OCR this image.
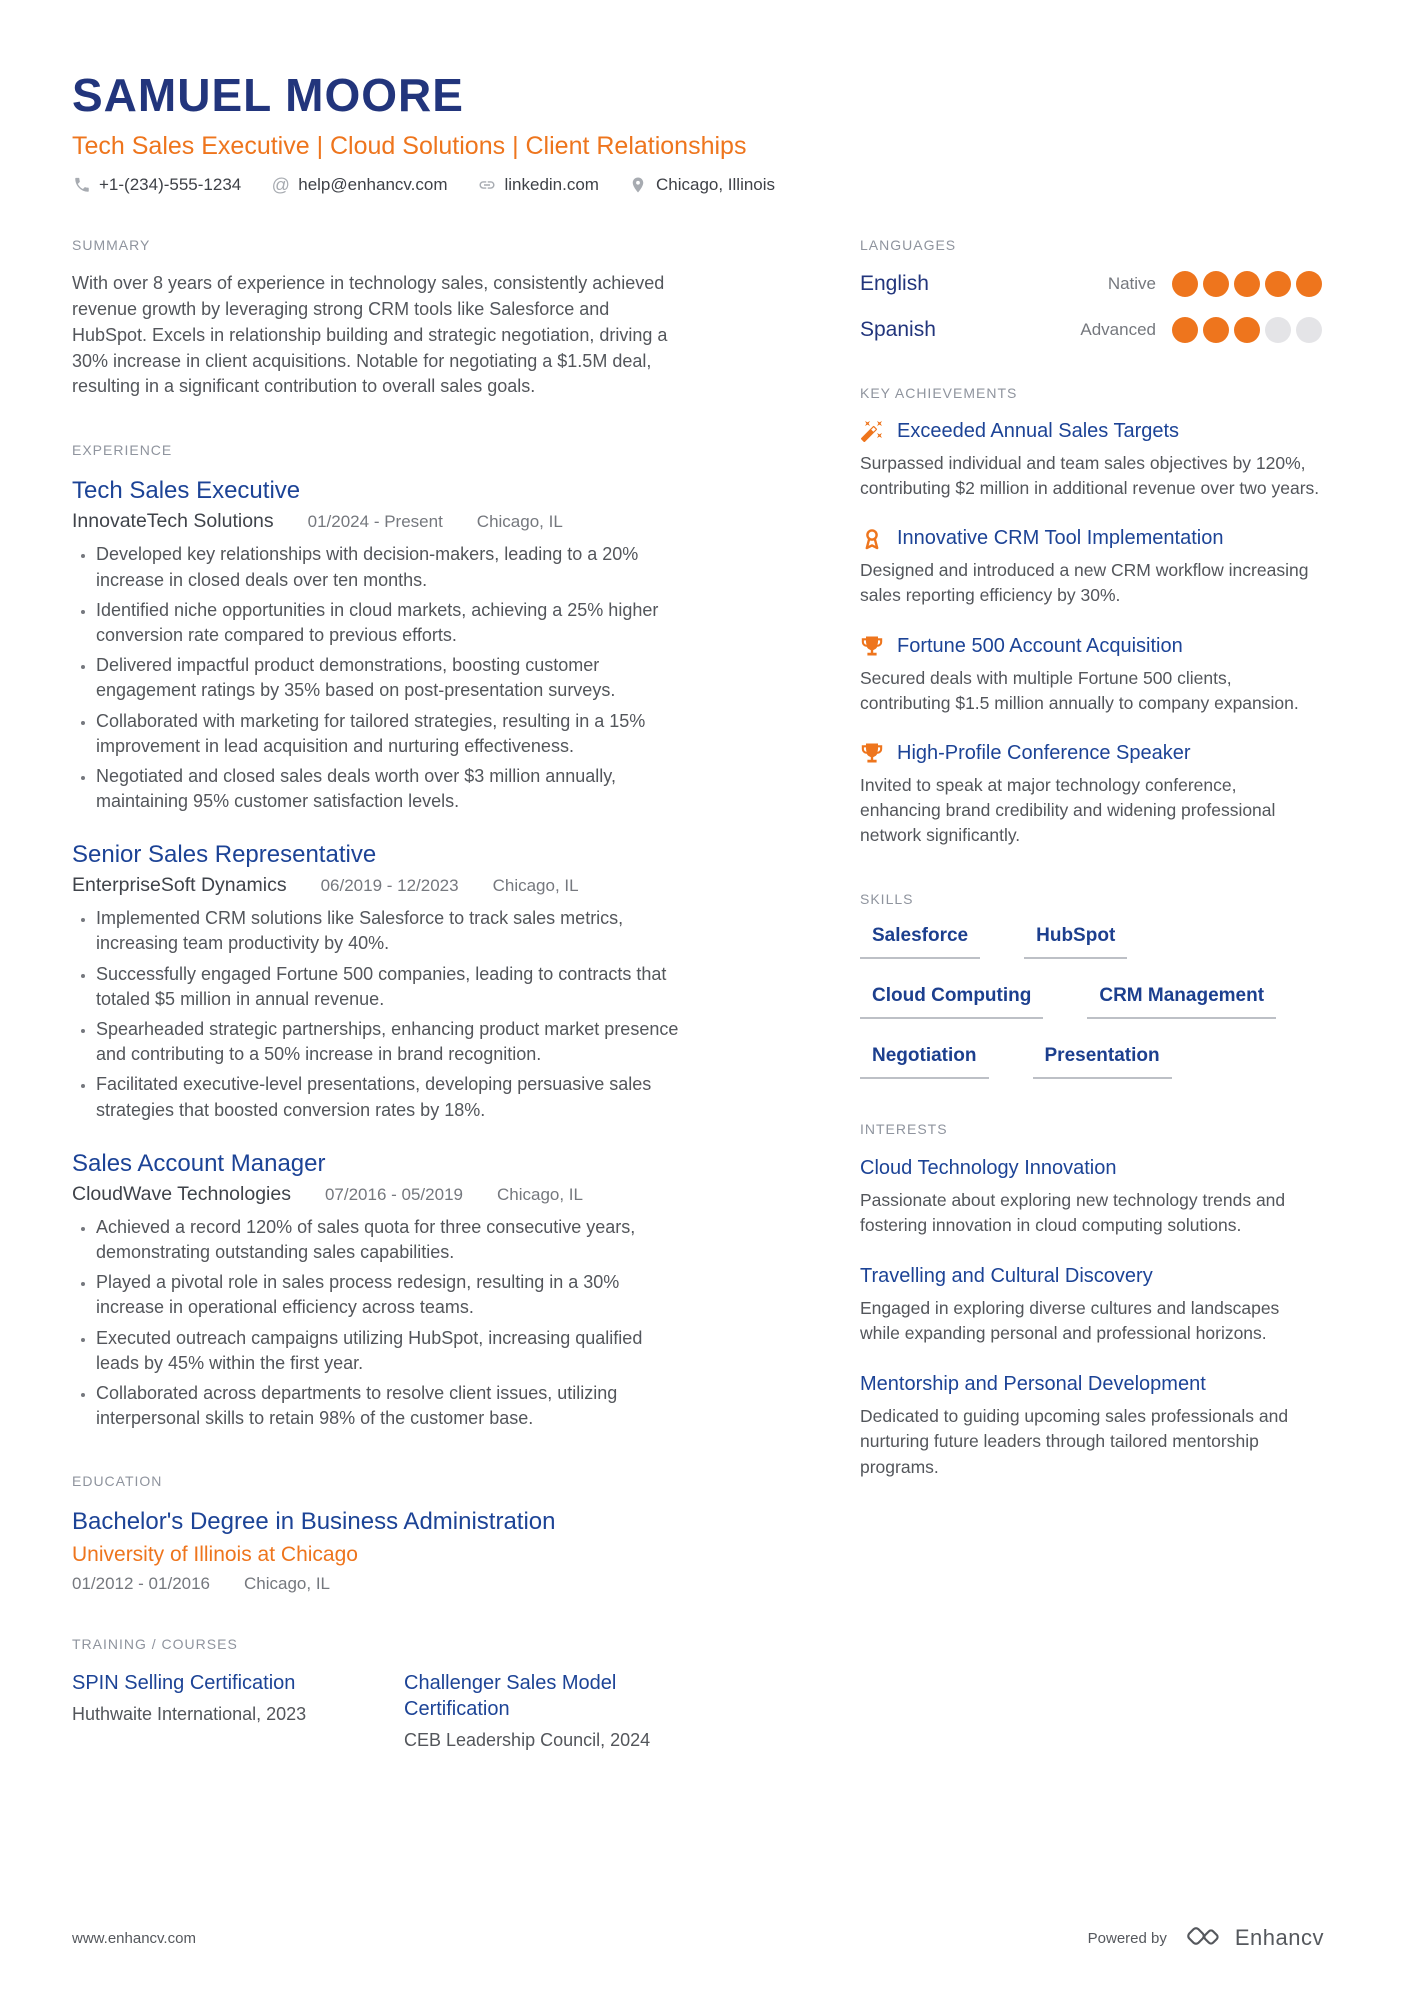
SAMUEL MOORE
Tech Sales Executive | Cloud Solutions | Client Relationships
+1-(234)-555-1234 @ help@enhancv.com	linkedin.com	Chicago, Illinois
SUMMARY

With over 8 years of experience in technology sales, consistently achieved revenue growth by leveraging strong CRM tools like Salesforce and HubSpot. Excels in relationship building and strategic negotiation, driving a 30% increase in client acquisitions. Notable for negotiating a $1.5M deal, resulting in a significant contribution to overall sales goals.

EXPERIENCE
Tech Sales Executive
InnovateTech Solutions 01/2024 - Present Chicago, IL
• Developed key relationships with decision-makers, leading to a 20% increase in closed deals over ten months.
• Identified niche opportunities in cloud markets, achieving a 25% higher conversion rate compared to previous efforts.
• Delivered impactful product demonstrations, boosting customer engagement ratings by 35% based on post-presentation surveys.
• Collaborated with marketing for tailored strategies, resulting in a 15% improvement in lead acquisition and nurturing effectiveness.
• Negotiated and closed sales deals worth over $3 million annually, maintaining 95% customer satisfaction levels.
Senior Sales Representative
EnterpriseSoft Dynamics 06/2019 - 12/2023 Chicago, IL
• Implemented CRM solutions like Salesforce to track sales metrics, increasing team productivity by 40%.
• Successfully engaged Fortune 500 companies, leading to contracts that totaled $5 million in annual revenue.
• Spearheaded strategic partnerships, enhancing product market presence and contributing to a 50% increase in brand recognition.
• Facilitated executive-level presentations, developing persuasive sales strategies that boosted conversion rates by 18%.
Sales Account Manager
CloudWave Technologies 07/2016 - 05/2019 Chicago, IL
• Achieved a record 120% of sales quota for three consecutive years, demonstrating outstanding sales capabilities.
• Played a pivotal role in sales process redesign, resulting in a 30% increase in operational efficiency across teams.
• Executed outreach campaigns utilizing HubSpot, increasing qualified leads by 45% within the first year.
• Collaborated across departments to resolve client issues, utilizing interpersonal skills to retain 98% of the customer base.
EDUCATION
Bachelor's Degree in Business Administration
University of Illinois at Chicago
01/2012 - 01/2016 Chicago, IL
TRAINING / COURSES
SPIN Selling Certification
Huthwaite International, 2023
Challenger Sales Model Certification
CEB Leadership Council, 2024
LANGUAGES
English	Native
Spanish	Advanced
KEY ACHIEVEMENTS
Exceeded Annual Sales Targets
Surpassed individual and team sales objectives by 120%, contributing $2 million in additional revenue over two years.
Innovative CRM Tool Implementation
Designed and introduced a new CRM workflow increasing sales reporting efficiency by 30%.
Fortune 500 Account Acquisition
Secured deals with multiple Fortune 500 clients, contributing $1.5 million annually to company expansion.
High-Profile Conference Speaker
Invited to speak at major technology conference, enhancing brand credibility and widening professional network significantly.
SKILLS
Salesforce	HubSpot
Cloud Computing	CRM Management
Negotiation	Presentation
INTERESTS
Cloud Technology Innovation

Passionate about exploring new technology trends and fostering innovation in cloud computing solutions.

Travelling and Cultural Discovery

Engaged in exploring diverse cultures and landscapes while expanding personal and professional horizons.

Mentorship and Personal Development

Dedicated to guiding upcoming sales professionals and nurturing future leaders through tailored mentorship programs.

www.enhancv.com	Powered by	Enhancv
